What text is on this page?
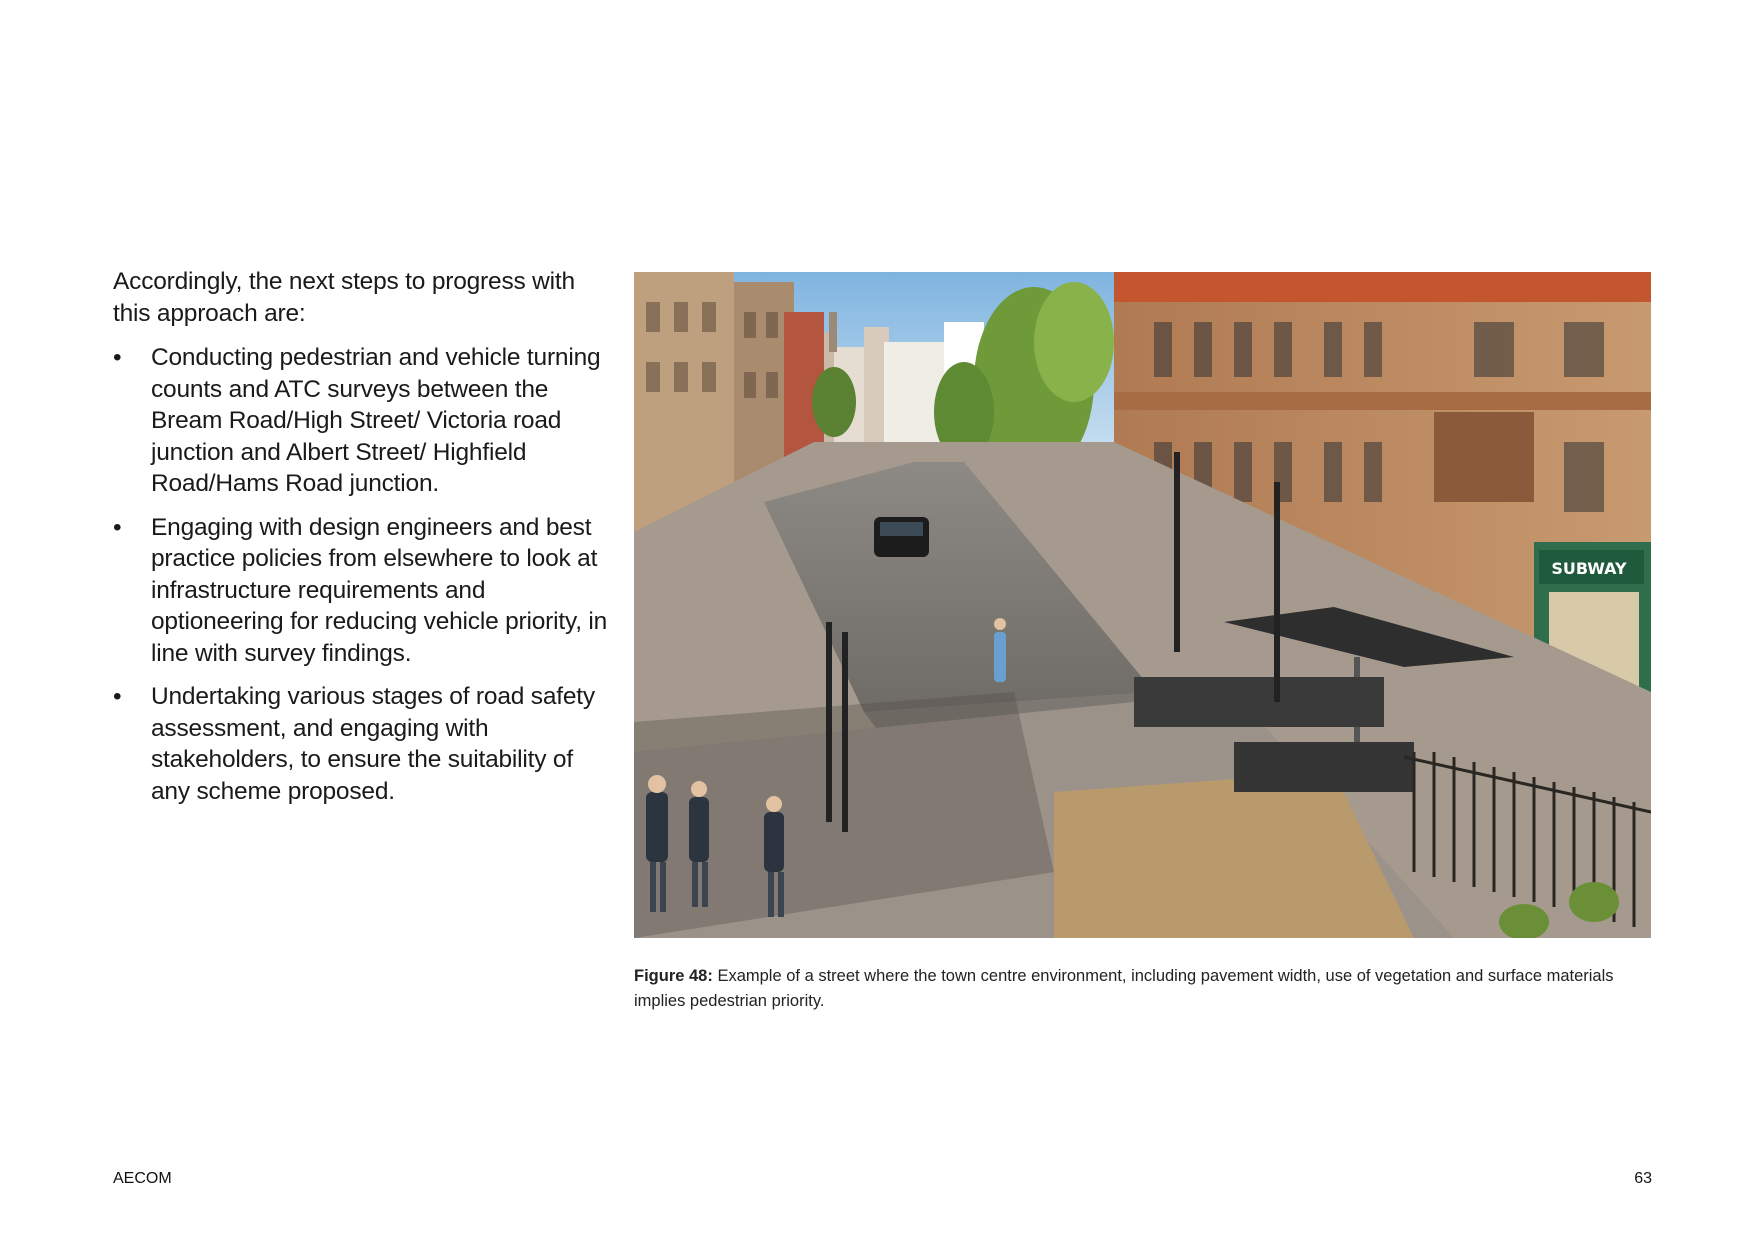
Accordingly, the next steps to progress with this approach are:

• Conducting pedestrian and vehicle turning counts and ATC surveys between the Bream Road/High Street/ Victoria road junction and Albert Street/ Highfield Road/Hams Road junction.
• Engaging with design engineers and best practice policies from elsewhere to look at infrastructure requirements and optioneering for reducing vehicle priority, in line with survey findings.
• Undertaking various stages of road safety assessment, and engaging with stakeholders, to ensure the suitability of any scheme proposed.
SUBWAY
Figure 48: Example of a street where the town centre environment, including pavement width, use of vegetation and surface materials implies pedestrian priority.
AECOM	63
